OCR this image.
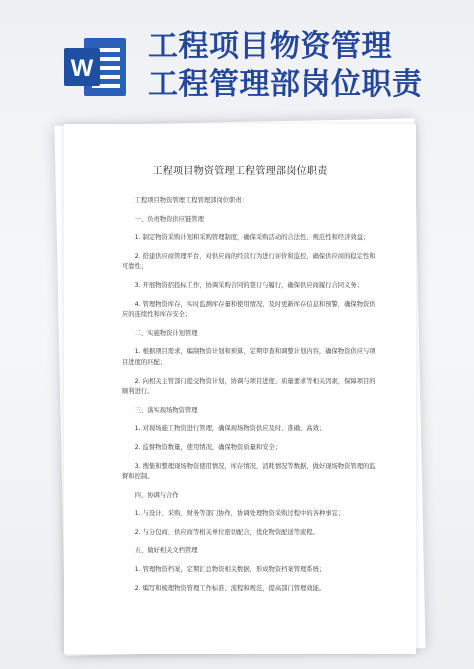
W
工程项目物资管理
工程管理部岗位职责
工程项目物资管理工程管理部岗位职责

工程项目物资管理工程管理部岗位职责：

一、负责物资供应链管理

1. 制定物资采购计划和采购管理制度，确保采购活动的合法性、规范性和经济效益；

2. 搭建供应商管理平台，对供应商的经营行为进行评价和监控，确保供应商的稳定性和可靠性；

3. 开展物资招投标工作，协调采购合同的签订与履行，确保供应商履行合同义务；

4. 管理物资库存，实时监测库存量和使用情况，及时更新库存信息和预警，确保物资供应的连续性和库存安全；

二、实施物资计划管理

1. 根据项目需求，编制物资计划和预算，定期审查和调整计划内容，确保物资供应与项目进度的匹配；

2. 向相关主管部门提交物资计划，协调与项目进度、质量要求等相关因素，保障项目的顺利进行。

三、落实现场物资管理

1. 对现场施工物资进行管理，确保现场物资供应及时、准确、高效；

2. 监督物资数量，使用情况，确保物资质量和安全；

3. 搜集和整理现场物资使用情况，库存情况，消耗情况等数据，做好现场物资管理的监督和控制。

四、协调与合作

1. 与设计、采购、财务等部门协作，协调处理物资采购过程中的各种事宜；

2. 与分包商、供应商等相关单位密切配合，优化物资配送等流程。

五、做好相关文档管理

1. 管理物资档案，定期汇总物资相关数据，形成物资档案管理系统；

2. 编写和梳理物资管理工作标准、流程和规范，提高部门管理效能。
